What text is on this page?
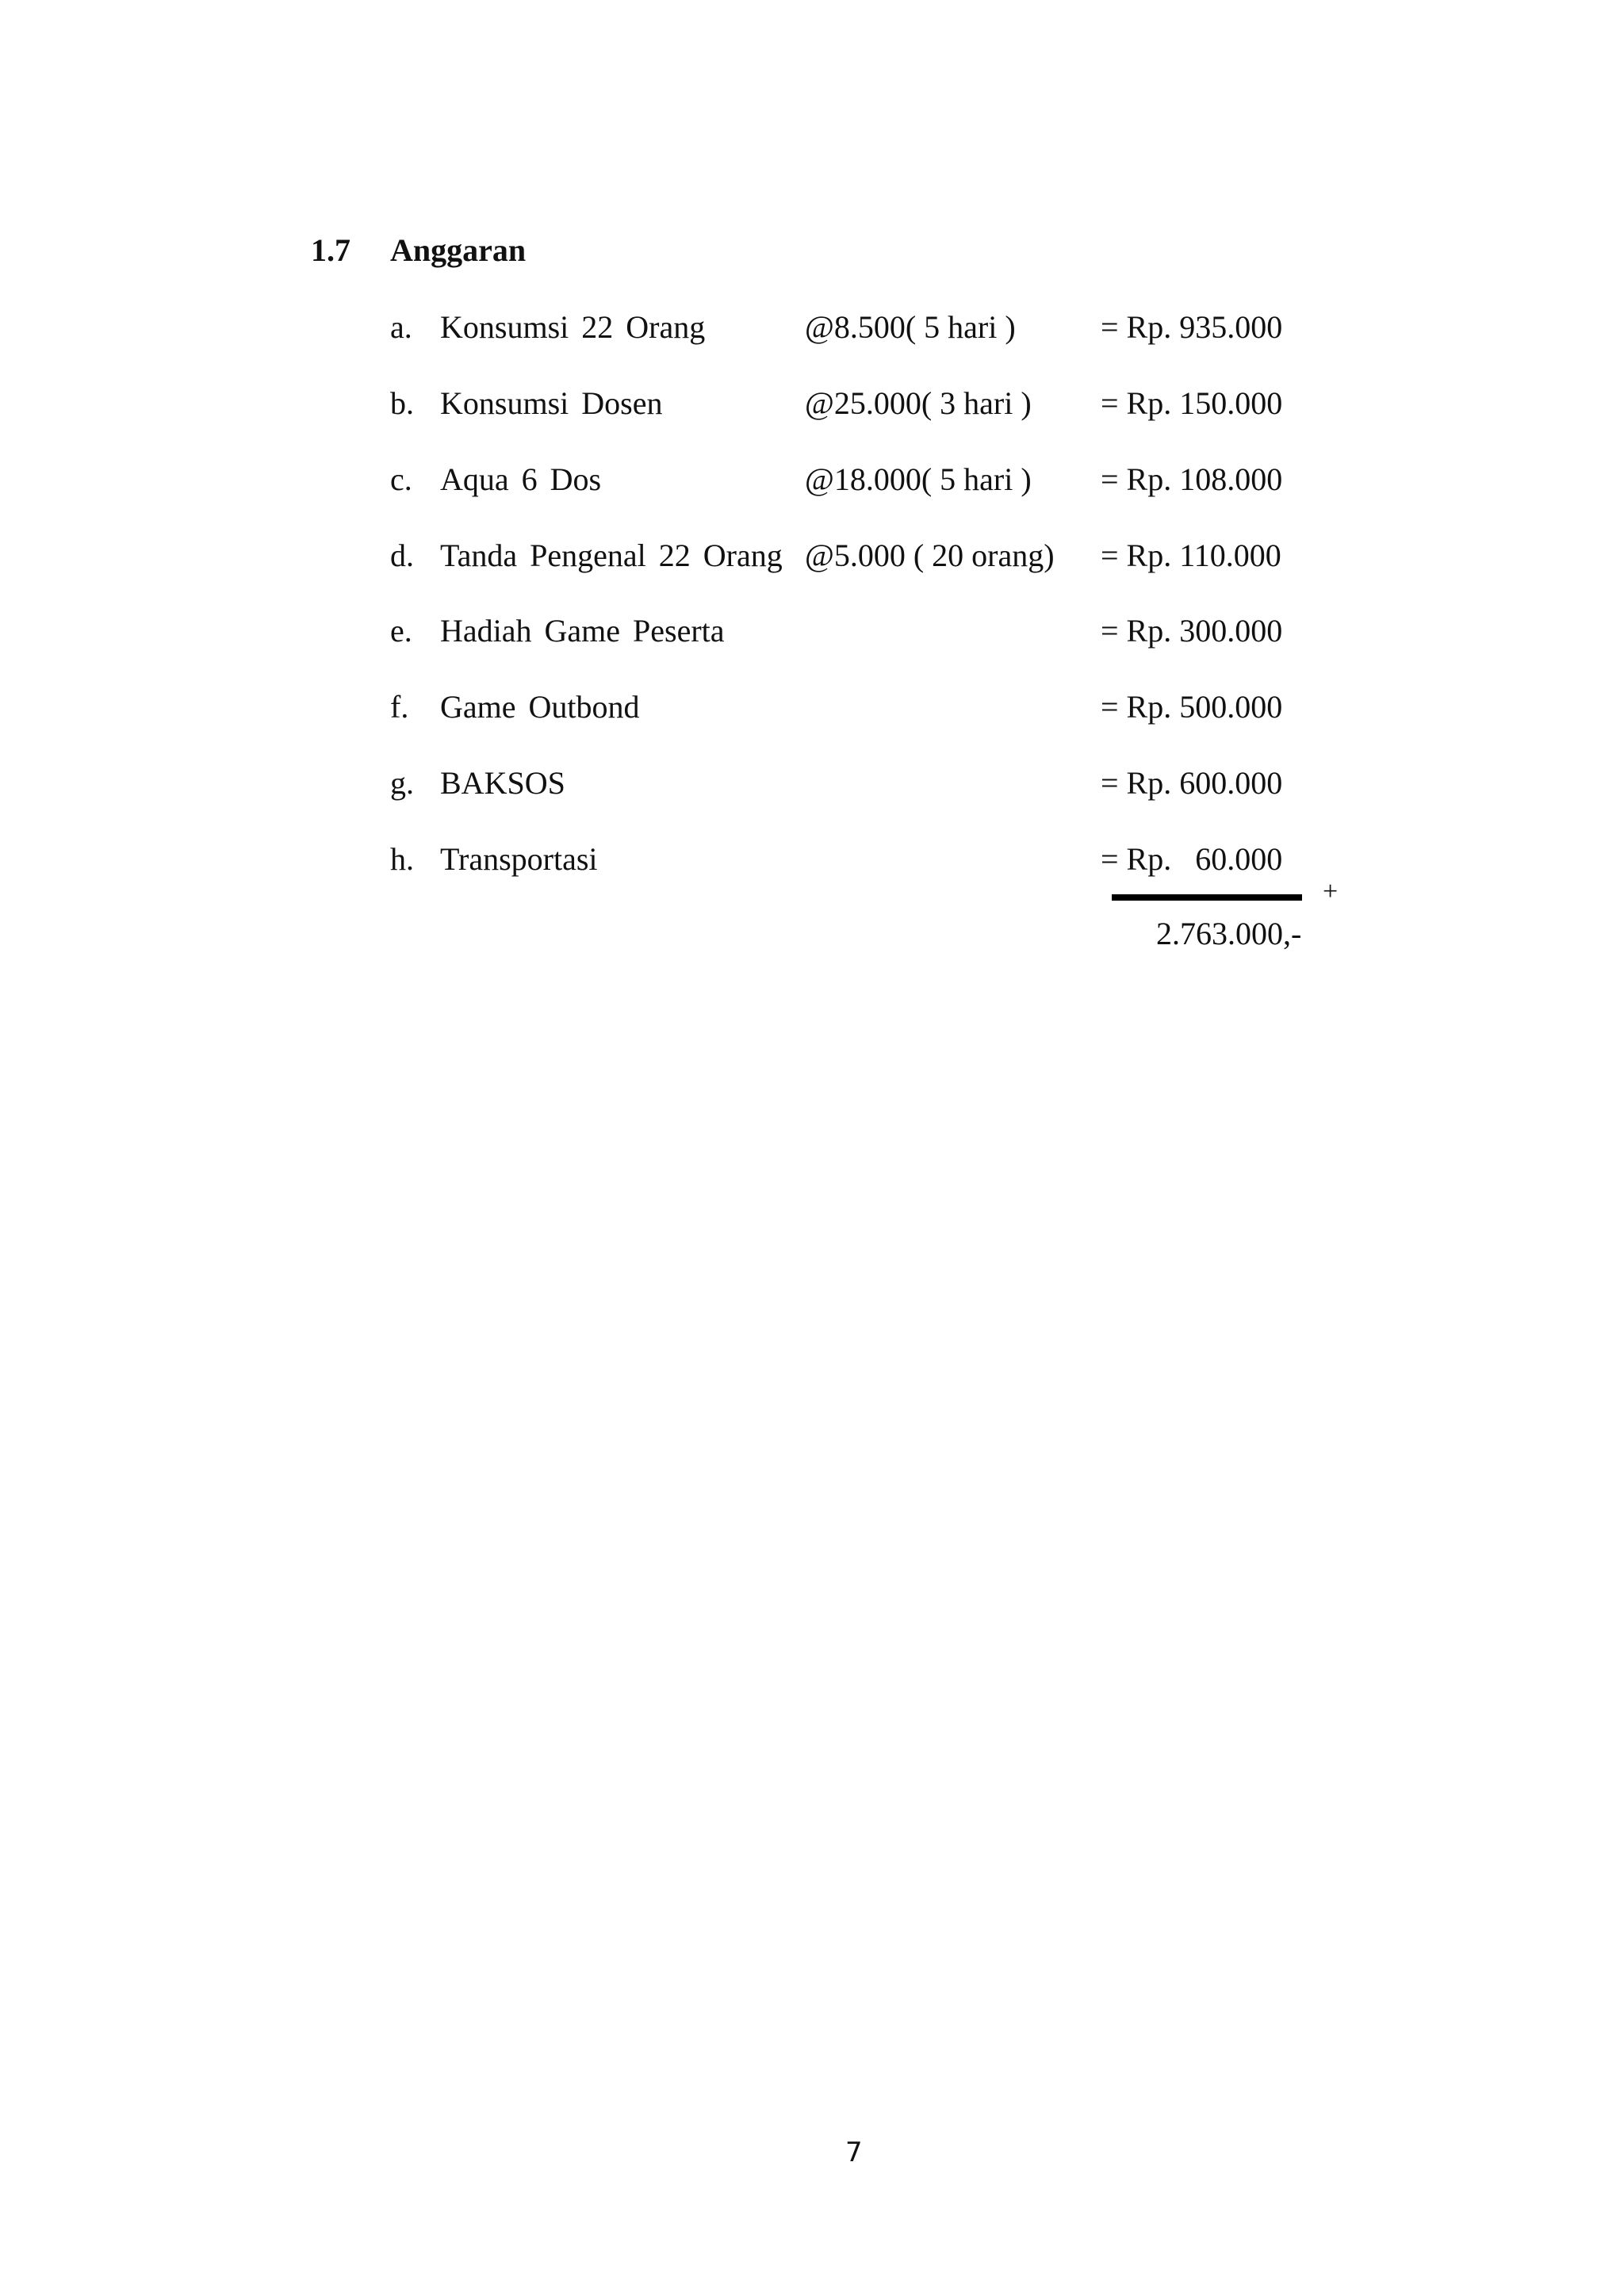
1.7 Anggaran
a. Konsumsi 22 Orang	@8.500( 5 hari )	= Rp. 935.000
b. Konsumsi Dosen	@25.000( 3 hari ) = Rp. 150.000
c. Aqua 6 Dos	@18.000( 5 hari ) = Rp. 108.000
d. Tanda Pengenal 22 Orang @5.000 ( 20 orang) = Rp. 110.000
e. Hadiah Game Peserta	= Rp. 300.000
f. Game Outbond	= Rp. 500.000
g. BAKSOS	= Rp. 600.000
h. Transportasi	= Rp.   60.000
+
2.763.000,-
7
